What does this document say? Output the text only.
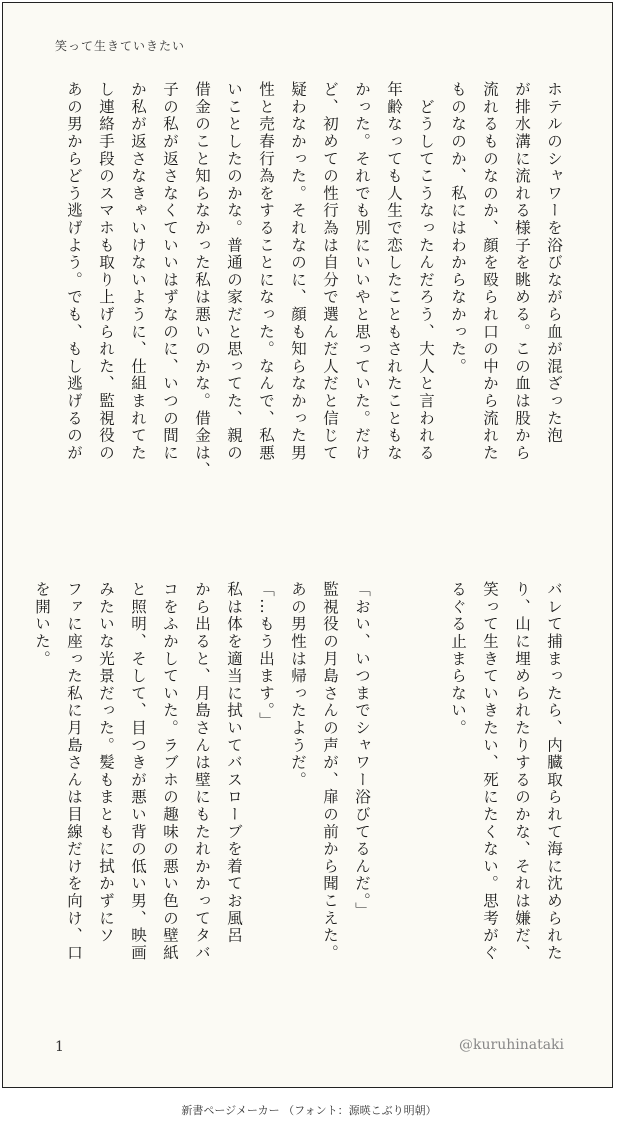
笑って生きていきたい
ホテルのシャワーを浴びながら血が混ざった泡
が排水溝に流れる様子を眺める。この血は股から
流れるものなのか、顔を殴られ口の中から流れた
ものなのか、私にはわからなかった。
　どうしてこうなったんだろう、大人と言われる
年齢なっても人生で恋したこともされたこともな
かった。それでも別にいいやと思っていた。だけ
ど、初めての性行為は自分で選んだ人だと信じて
疑わなかった。それなのに、顔も知らなかった男
性と売春行為をすることになった。なんで、私悪
いことしたのかな。普通の家だと思ってた、親の
借金のこと知らなかった私は悪いのかな。借金は、
子の私が返さなくていいはずなのに、いつの間に
か私が返さなきゃいけないように、仕組まれてた
し連絡手段のスマホも取り上げられた、監視役の
あの男からどう逃げよう。でも、もし逃げるのが
バレて捕まったら、内臓取られて海に沈められた
り、山に埋められたりするのかな、それは嫌だ、
笑って生きていきたい、死にたくない。思考がぐ
るぐる止まらない。

「おい、いつまでシャワー浴びてるんだ。」
監視役の月島さんの声が、扉の前から聞こえた。
あの男性は帰ったようだ。
「…もう出ます。」
私は体を適当に拭いてバスローブを着てお風呂
から出ると、月島さんは壁にもたれかかってタバ
コをふかしていた。ラブホの趣味の悪い色の壁紙
と照明、そして、目つきが悪い背の低い男、映画
みたいな光景だった。髪もまともに拭かずにソ
ファに座った私に月島さんは目線だけを向け、口
を開いた。
1	@kuruhinataki
新書ページメーカー （フォント：源暎こぶり明朝）
